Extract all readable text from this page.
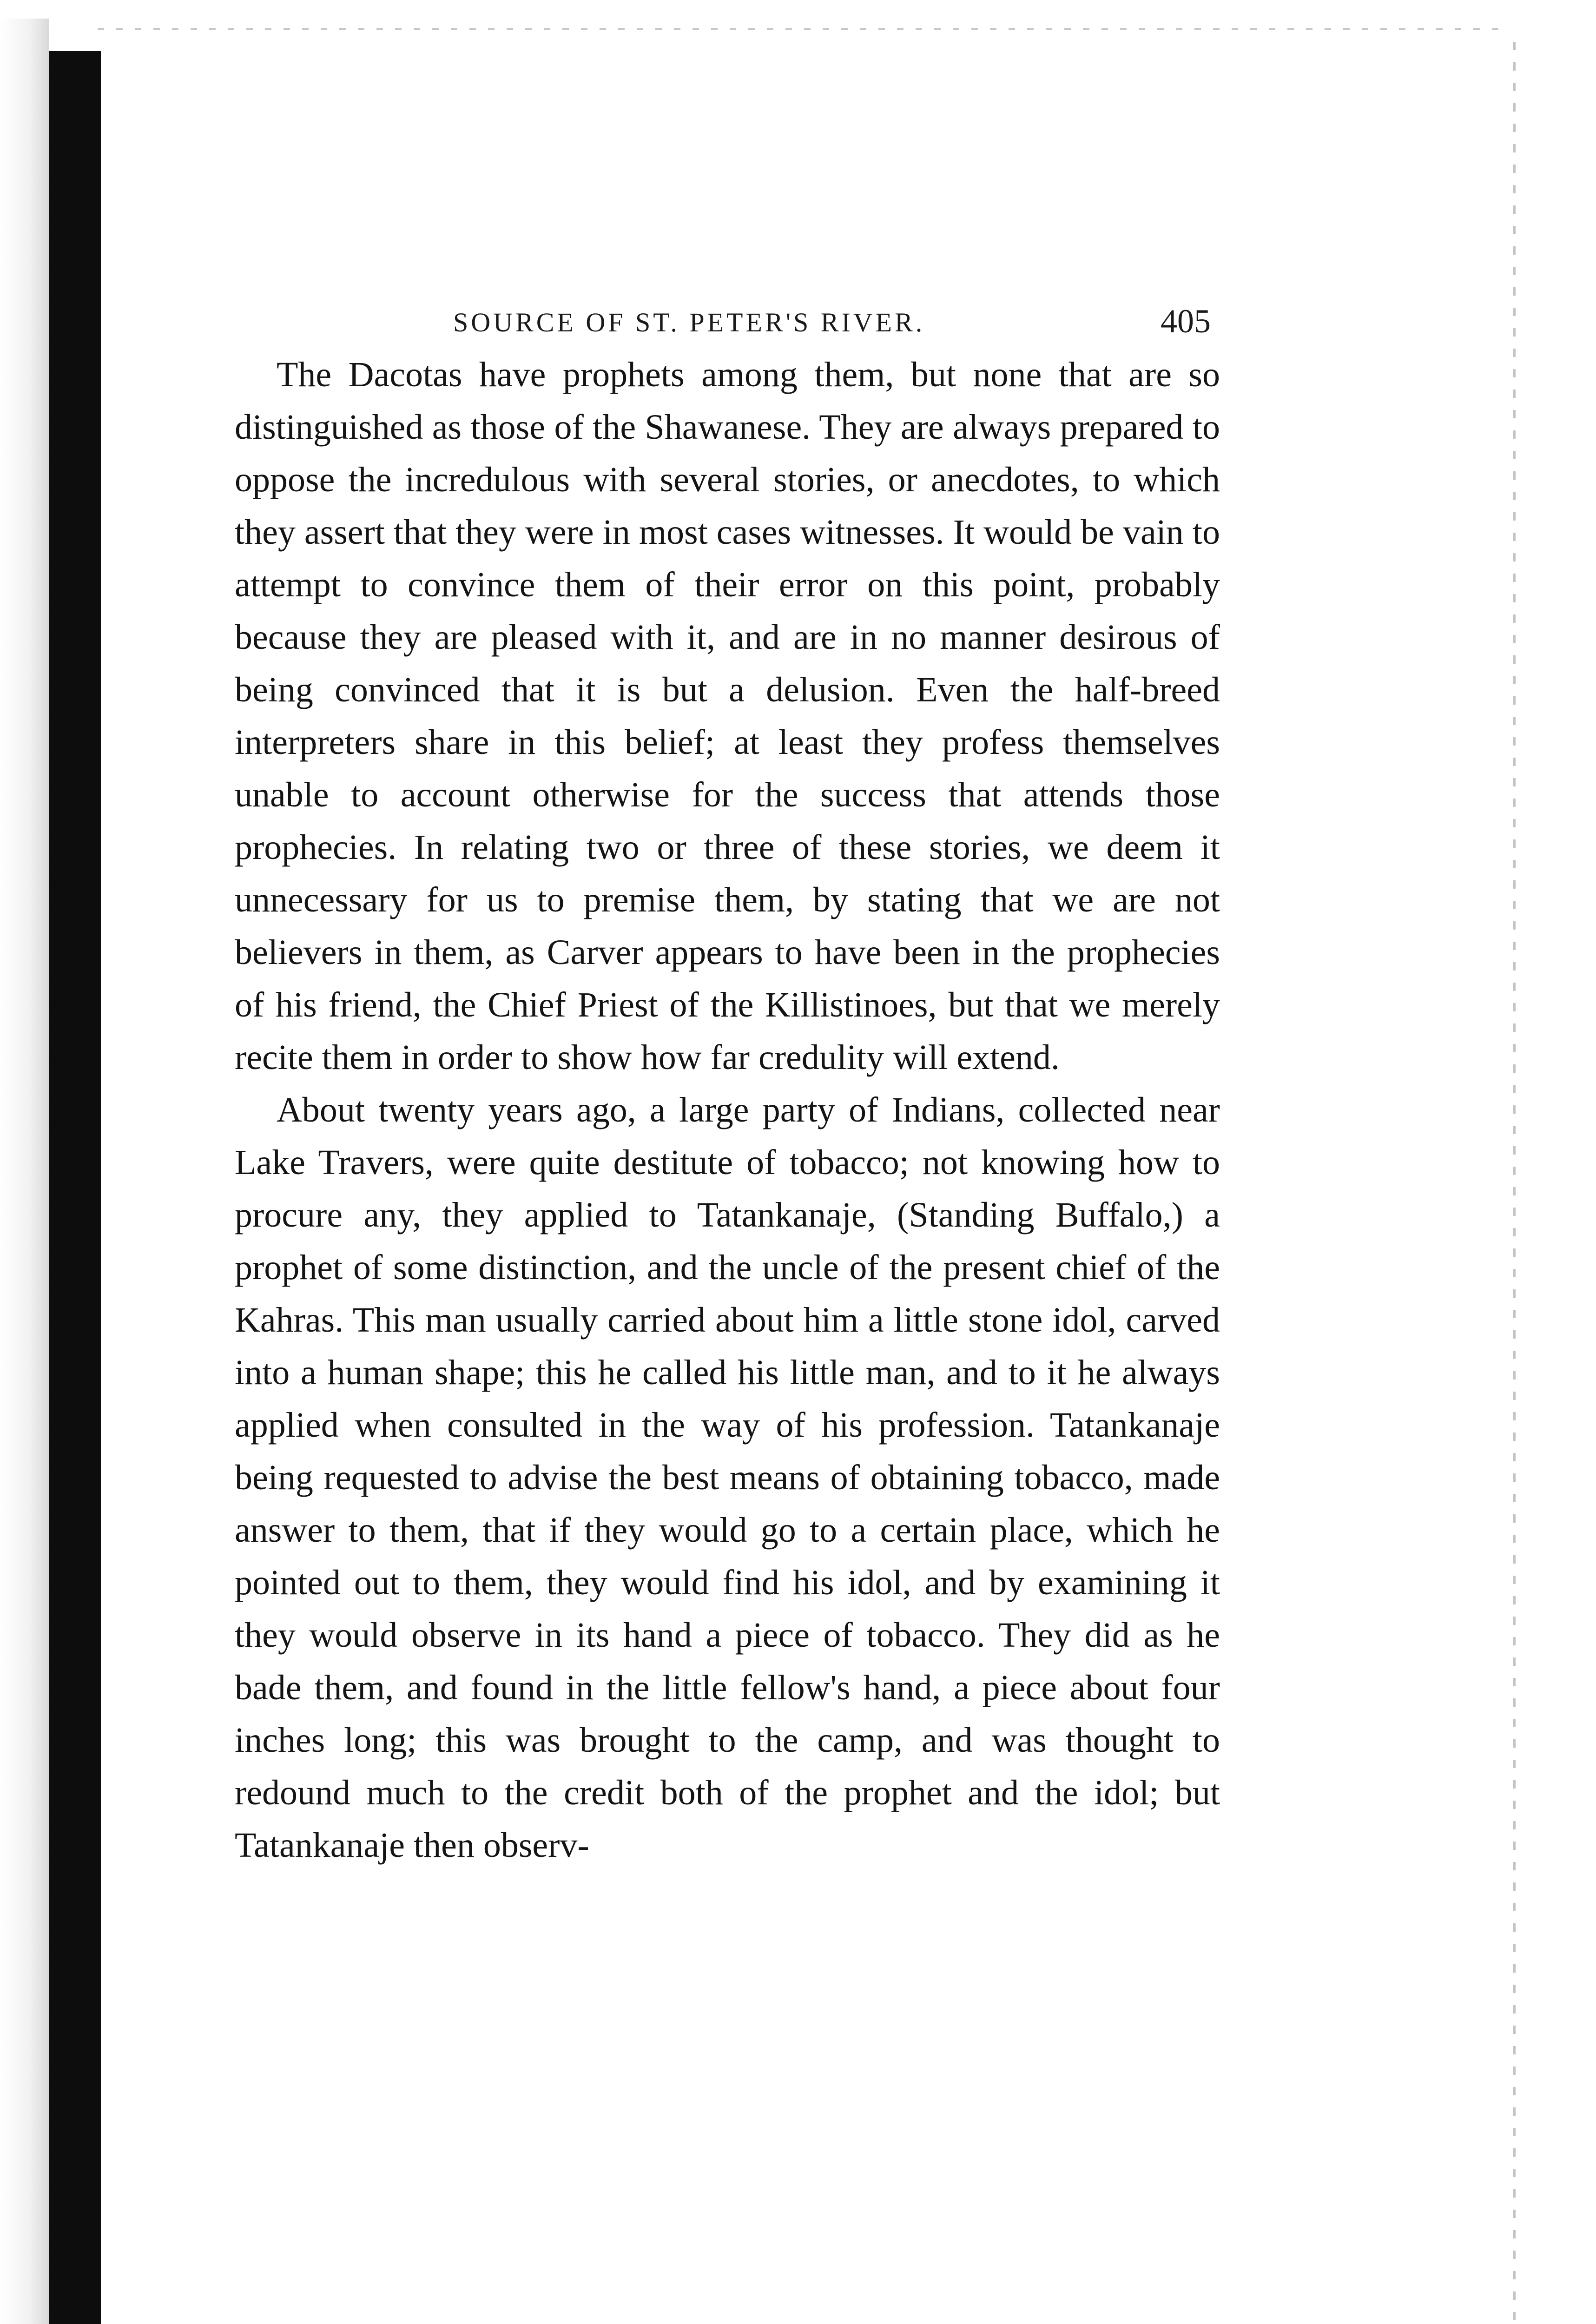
SOURCE OF ST. PETER'S RIVER.	405

The Dacotas have prophets among them, but none that are so distinguished as those of the Shawanese. They are always prepared to oppose the incredulous with several stories, or anecdotes, to which they assert that they were in most cases witnesses. It would be vain to attempt to convince them of their error on this point, probably because they are pleased with it, and are in no manner desirous of being convinced that it is but a delusion. Even the half-breed interpreters share in this belief; at least they profess themselves unable to account otherwise for the success that attends those prophecies. In relating two or three of these stories, we deem it unnecessary for us to premise them, by stating that we are not believers in them, as Carver appears to have been in the prophecies of his friend, the Chief Priest of the Killistinoes, but that we merely recite them in order to show how far credulity will extend.

About twenty years ago, a large party of Indians, collected near Lake Travers, were quite destitute of tobacco; not knowing how to procure any, they applied to Tatankanaje, (Standing Buffalo,) a prophet of some distinction, and the uncle of the present chief of the Kahras. This man usually carried about him a little stone idol, carved into a human shape; this he called his little man, and to it he always applied when consulted in the way of his profession. Tatankanaje being requested to advise the best means of obtaining tobacco, made answer to them, that if they would go to a certain place, which he pointed out to them, they would find his idol, and by examining it they would observe in its hand a piece of tobacco. They did as he bade them, and found in the little fellow's hand, a piece about four inches long; this was brought to the camp, and was thought to redound much to the credit both of the prophet and the idol; but Tatankanaje then observ-
